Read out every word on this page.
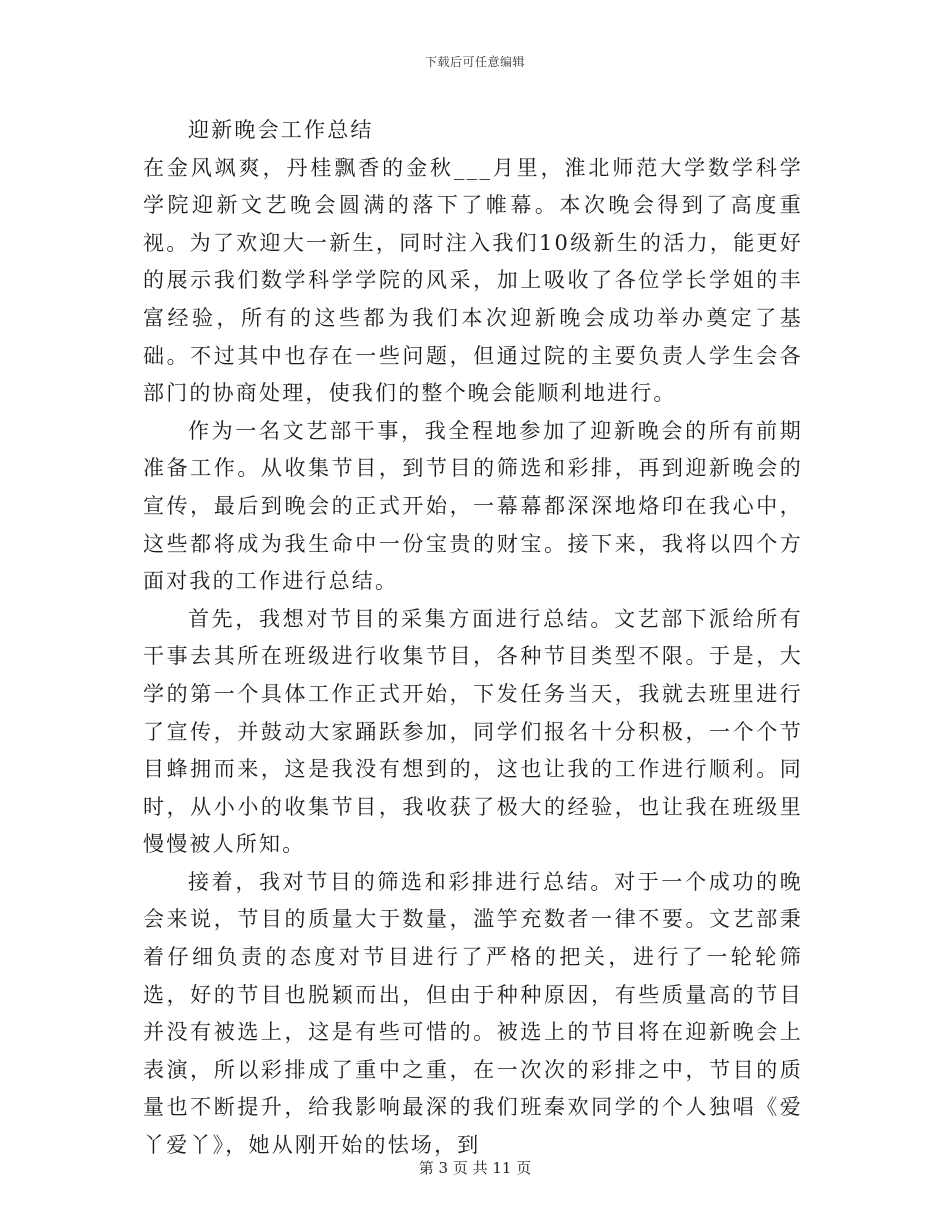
下载后可任意编辑

迎新晚会工作总结

在金风飒爽，丹桂飘香的金秋___月里，淮北师范大学数学科学学院迎新文艺晚会圆满的落下了帷幕。本次晚会得到了高度重视。为了欢迎大一新生，同时注入我们10级新生的活力，能更好的展示我们数学科学学院的风采，加上吸收了各位学长学姐的丰富经验，所有的这些都为我们本次迎新晚会成功举办奠定了基础。不过其中也存在一些问题，但通过院的主要负责人学生会各部门的协商处理，使我们的整个晚会能顺利地进行。

作为一名文艺部干事，我全程地参加了迎新晚会的所有前期准备工作。从收集节目，到节目的筛选和彩排，再到迎新晚会的宣传，最后到晚会的正式开始，一幕幕都深深地烙印在我心中，这些都将成为我生命中一份宝贵的财宝。接下来，我将以四个方面对我的工作进行总结。

首先，我想对节目的采集方面进行总结。文艺部下派给所有干事去其所在班级进行收集节目，各种节目类型不限。于是，大学的第一个具体工作正式开始，下发任务当天，我就去班里进行了宣传，并鼓动大家踊跃参加，同学们报名十分积极，一个个节目蜂拥而来，这是我没有想到的，这也让我的工作进行顺利。同时，从小小的收集节目，我收获了极大的经验，也让我在班级里慢慢被人所知。

接着，我对节目的筛选和彩排进行总结。对于一个成功的晚会来说，节目的质量大于数量，滥竽充数者一律不要。文艺部秉着仔细负责的态度对节目进行了严格的把关，进行了一轮轮筛选，好的节目也脱颖而出，但由于种种原因，有些质量高的节目并没有被选上，这是有些可惜的。被选上的节目将在迎新晚会上表演，所以彩排成了重中之重，在一次次的彩排之中，节目的质量也不断提升，给我影响最深的我们班秦欢同学的个人独唱《爱丫爱丫》，她从刚开始的怯场，到

第 3 页 共 11 页
